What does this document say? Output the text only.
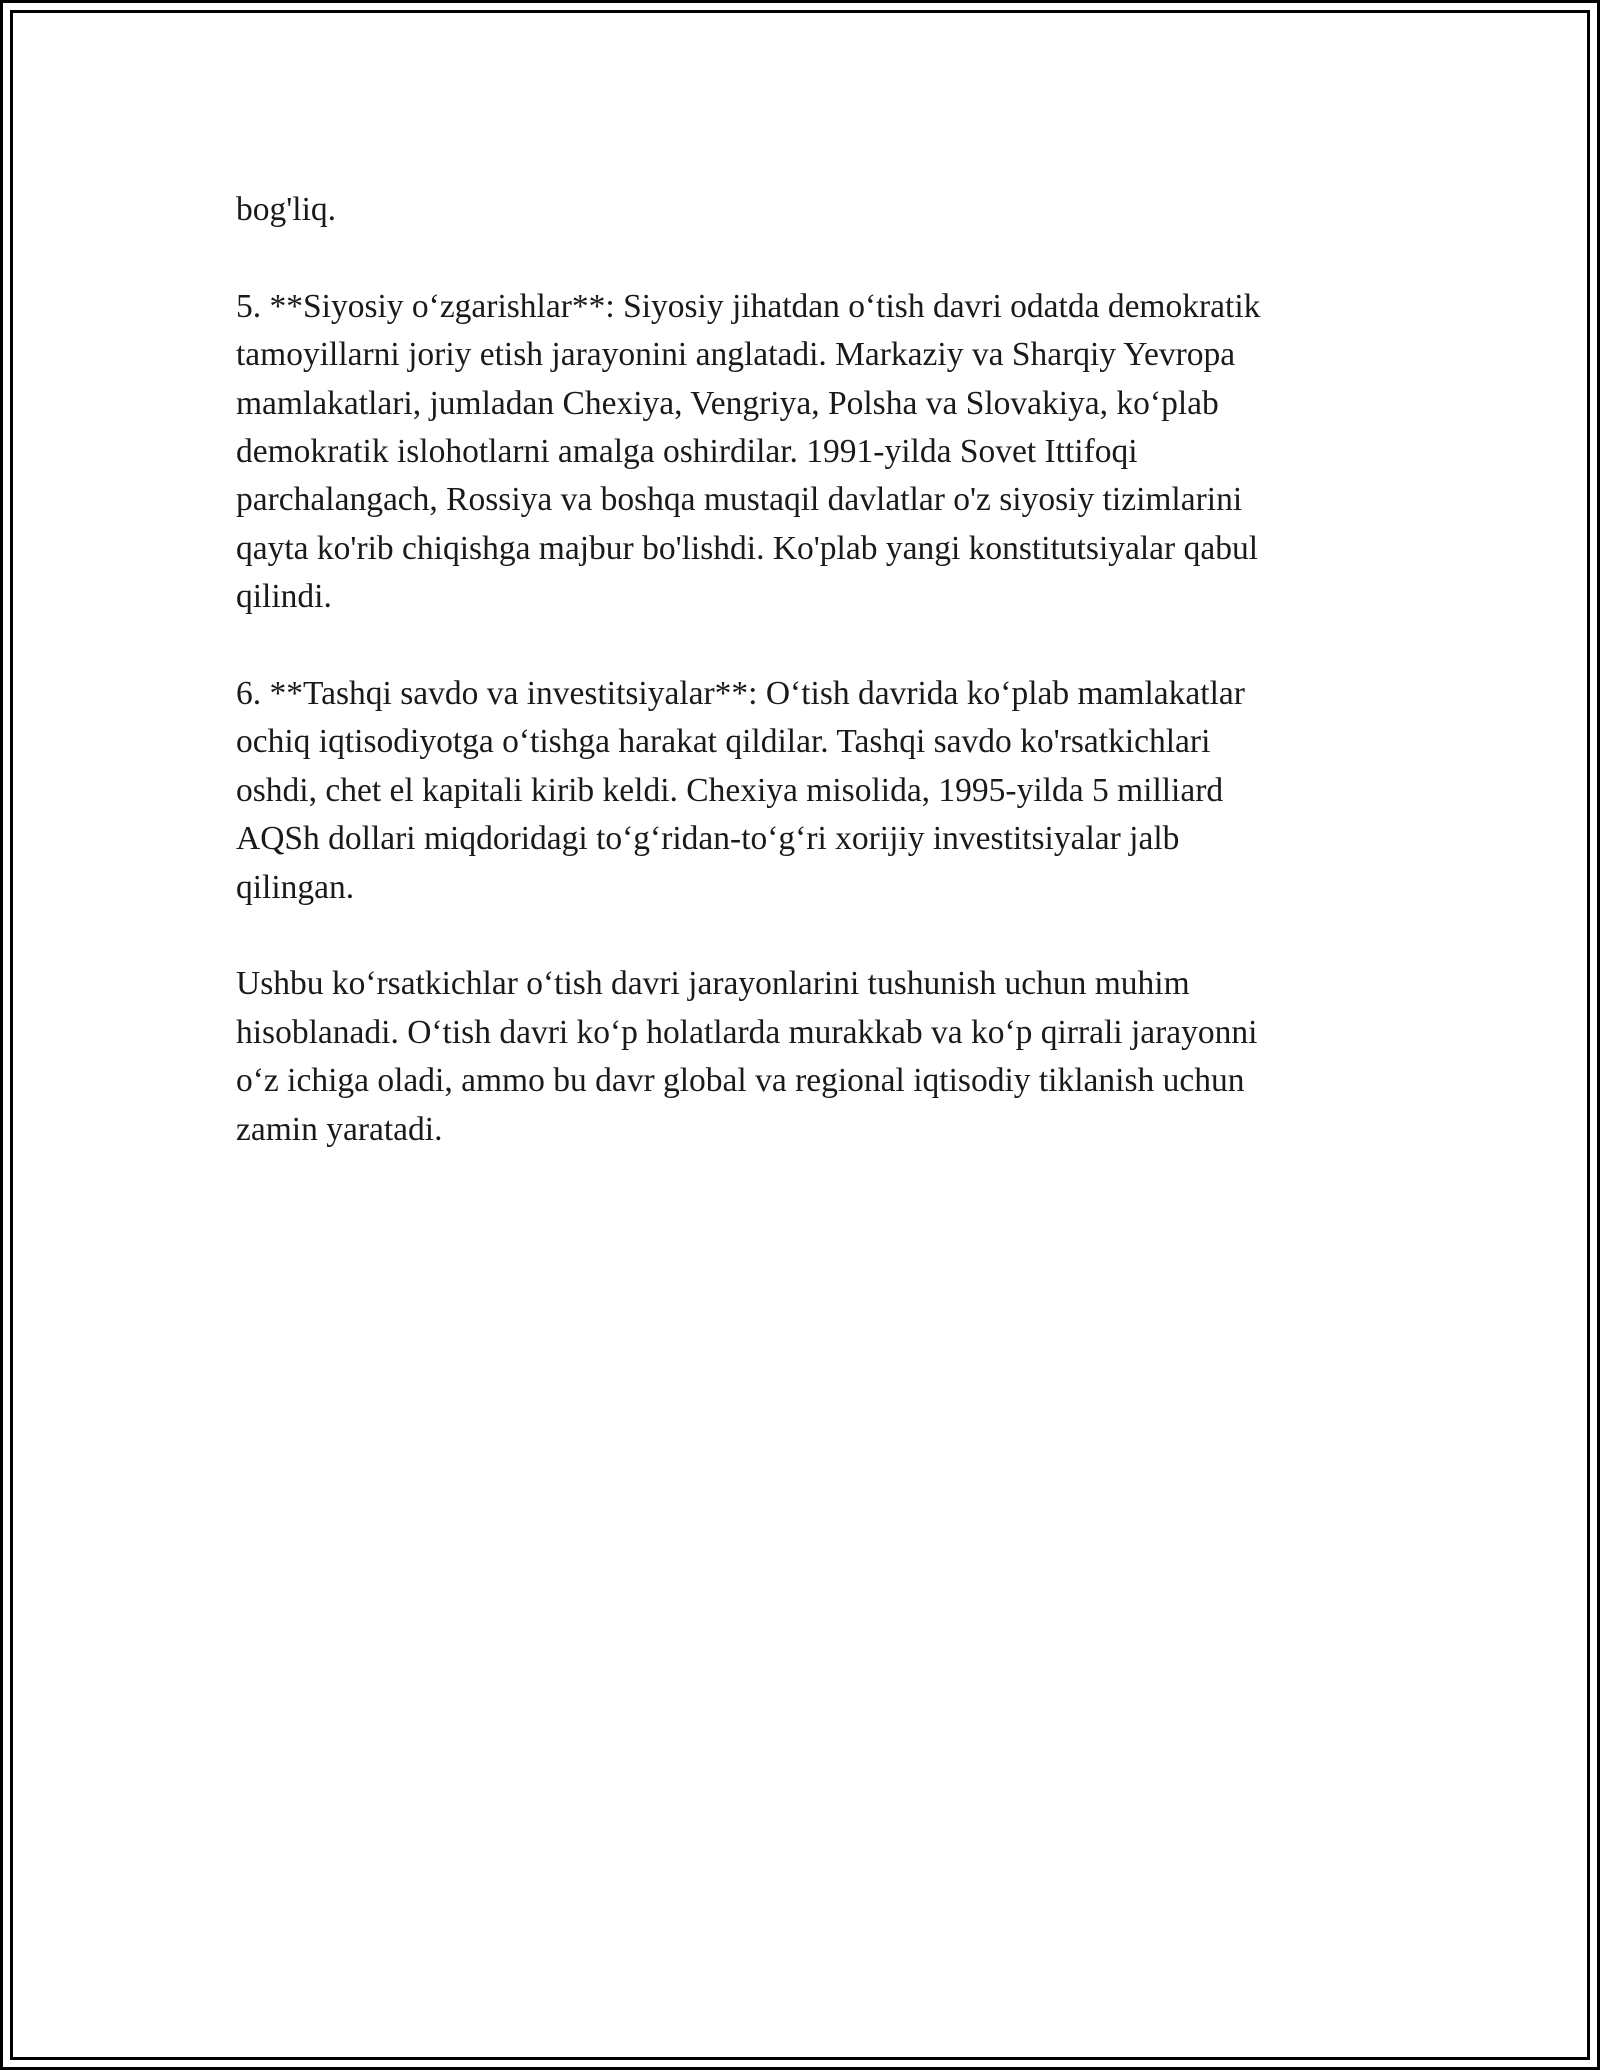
bog'liq.

5. **Siyosiy oʻzgarishlar**: Siyosiy jihatdan oʻtish davri odatda demokratik
tamoyillarni joriy etish jarayonini anglatadi. Markaziy va Sharqiy Yevropa
mamlakatlari, jumladan Chexiya, Vengriya, Polsha va Slovakiya, koʻplab
demokratik islohotlarni amalga oshirdilar. 1991-yilda Sovet Ittifoqi
parchalangach, Rossiya va boshqa mustaqil davlatlar o'z siyosiy tizimlarini
qayta ko'rib chiqishga majbur bo'lishdi. Ko'plab yangi konstitutsiyalar qabul
qilindi.

6. **Tashqi savdo va investitsiyalar**: Oʻtish davrida koʻplab mamlakatlar
ochiq iqtisodiyotga oʻtishga harakat qildilar. Tashqi savdo ko'rsatkichlari
oshdi, chet el kapitali kirib keldi. Chexiya misolida, 1995-yilda 5 milliard
AQSh dollari miqdoridagi toʻgʻridan-toʻgʻri xorijiy investitsiyalar jalb
qilingan.

Ushbu koʻrsatkichlar oʻtish davri jarayonlarini tushunish uchun muhim
hisoblanadi. Oʻtish davri koʻp holatlarda murakkab va koʻp qirrali jarayonni
oʻz ichiga oladi, ammo bu davr global va regional iqtisodiy tiklanish uchun
zamin yaratadi.
